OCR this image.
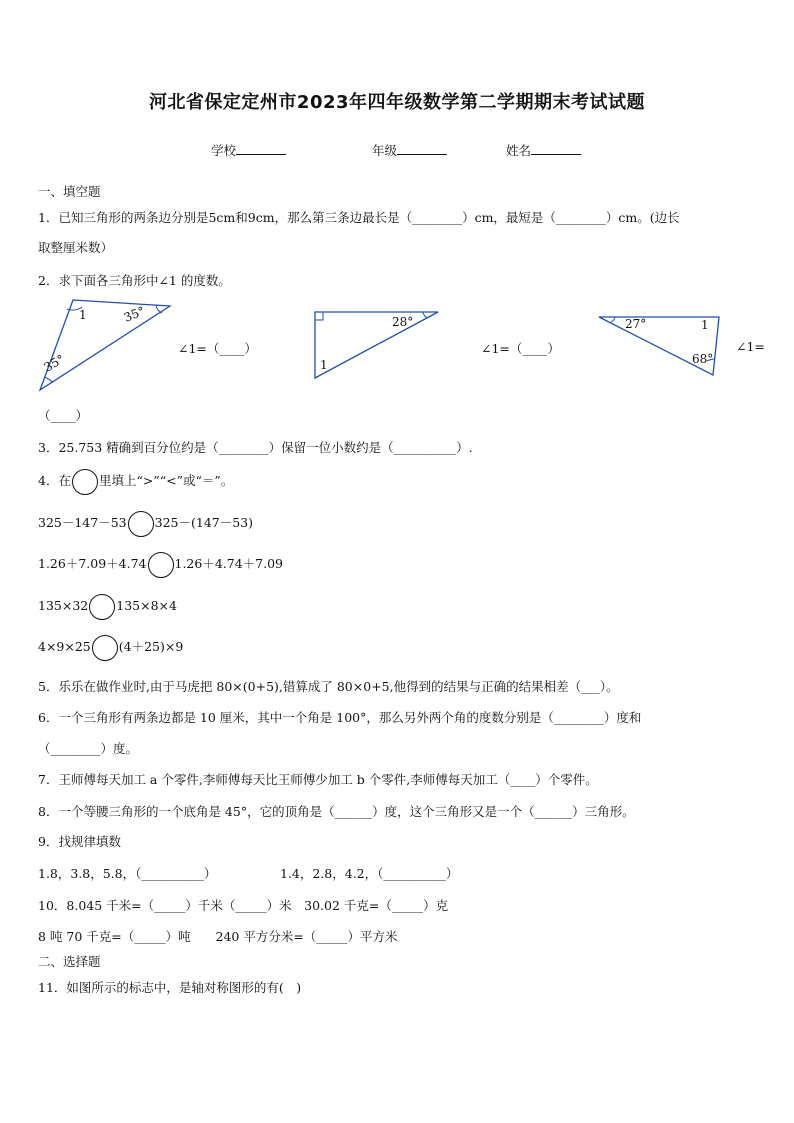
河北省保定定州市2023年四年级数学第二学期期末考试试题
学校	年级	姓名
一、填空题
1．已知三角形的两条边分别是5cm和9cm，那么第三条边最长是（________）cm，最短是（________）cm。(边长
取整厘米数）
2．求下面各三角形中∠1 的度数。
1	35°
35°
∠1=（____）
28°
1
∠1=（____）
27°	1
68°
∠1=
（____）
3．25.753 精确到百分位约是（________）保留一位小数约是（__________）.
4．在 里填上“>”“<”或“＝”。
325－147－53 325－(147－53)
1.26＋7.09＋4.74 1.26＋4.74＋7.09
135×32 135×8×4
4×9×25 (4＋25)×9
5．乐乐在做作业时,由于马虎把 80×(0+5),错算成了 80×0+5,他得到的结果与正确的结果相差（___）。
6．一个三角形有两条边都是 10 厘米，其中一个角是 100°，那么另外两个角的度数分别是（________）度和
（________）度。
7．王师傅每天加工 a 个零件,李师傅每天比王师傅少加工 b 个零件,李师傅每天加工（____）个零件。
8．一个等腰三角形的一个底角是 45°，它的顶角是（______）度，这个三角形又是一个（______）三角形。
9．找规律填数
1.8，3.8，5.8，（__________）	1.4，2.8，4.2，（__________）
10．8.045 千米=（_____）千米（_____）米　30.02 千克=（_____）克
8 吨 70 千克=（_____）吨　　240 平方分米=（_____）平方米
二、选择题
11．如图所示的标志中，是轴对称图形的有(　)
